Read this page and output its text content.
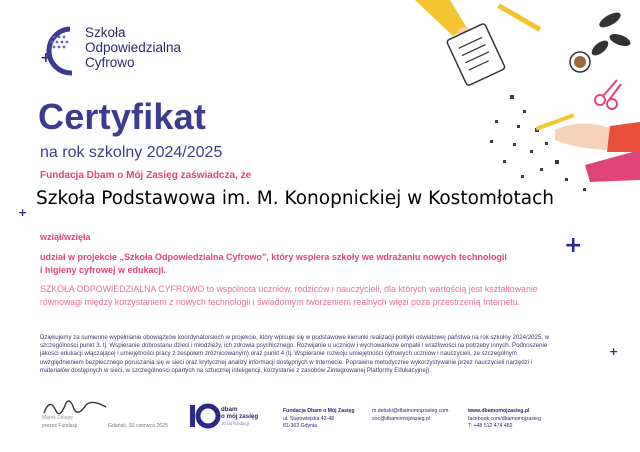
+
Szkoła
Odpowiedzialna
Cyfrowo
Certyfikat
na rok szkolny 2024/2025
Fundacja Dbam o Mój Zasięg zaświadcza, że
Szkoła Podstawowa im. M. Konopnickiej w Kostomłotach
wziął/wzięła
udział w projekcie „Szkoła Odpowiedzialna Cyfrowo", który wspiera szkoły we wdrażaniu nowych technologii i higieny cyfrowej w edukacji.
SZKOŁA ODPOWIEDZIALNA CYFROWO to wspólnota uczniów, rodziców i nauczycieli, dla których wartością jest kształtowanie równowagi między korzystaniem z nowych technologii i świadomym tworzeniem realnych więzi poza przestrzenią Internetu.
Dziękujemy za sumienne wypełnianie obowiązków koordynatorskich w projekcie, który wpisuje się w podstawowe kierunki realizacji polityki oświatowej państwa na rok szkolny 2024/2025, w szczególności punkt 3. tj. Wspieranie dobrostanu dzieci i młodzieży, ich zdrowia psychicznego. Rozwijanie u uczniów i wychowankow empatii i wrażliwości na potrzeby innych. Podnoszenie jakości edukacji włączającej i umiejętności pracy z zespołem zróżnicowanym) oraz punkt 4 (tj. Wspieranie rozwoju umiejętności cyfrowych uczniów i nauczycieli, ze szczególnym uwzględnieniem bezpiecznego poruszania się w sieci oraz krytycznej analizy informacji dostępnych w Internecie. Poprawne metodycznie wykorzystywanie przez nauczycieli narzędzi i materiałów dostępnych w sieci, w szczególności opartych na sztucznej inteligencji, korzystanie z zasobów Zintegrowanej Platformy Edukacyjnej).
+
+
+
Marek Dzięgę
prezes Fundacji	Gdańsk, 30 czerwca 2025
dbam
o mój zasięg
10 lat fundacji
Fundacja Dbam o Mój Zasięg
ul. Starowiejska 42-48
81-363 Gdynia
m.debski@dbamomojzasieg.com
soc@dbamomojzasieg.pl
www.dbamomojzasieg.pl
facebook.com/dbamomojzasieg
T: +48 512 474 482
